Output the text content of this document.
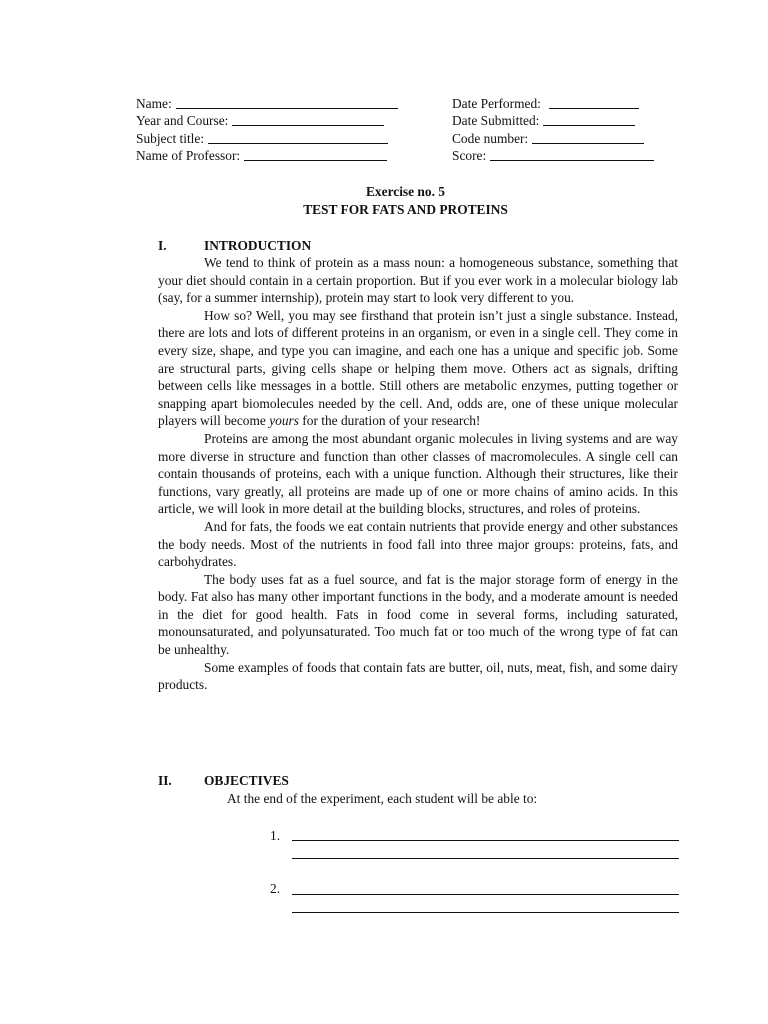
Name:
Year and Course:
Subject title:
Name of Professor:
Date Performed:
Date Submitted:
Code number:
Score:
Exercise no. 5
TEST FOR FATS AND PROTEINS
I.	INTRODUCTION

We tend to think of protein as a mass noun: a homogeneous substance, something that your diet should contain in a certain proportion. But if you ever work in a molecular biology lab (say, for a summer internship), protein may start to look very different to you.

How so? Well, you may see firsthand that protein isn’t just a single substance. Instead, there are lots and lots of different proteins in an organism, or even in a single cell. They come in every size, shape, and type you can imagine, and each one has a unique and specific job. Some are structural parts, giving cells shape or helping them move. Others act as signals, drifting between cells like messages in a bottle. Still others are metabolic enzymes, putting together or snapping apart biomolecules needed by the cell. And, odds are, one of these unique molecular players will become yours for the duration of your research!

Proteins are among the most abundant organic molecules in living systems and are way more diverse in structure and function than other classes of macromolecules. A single cell can contain thousands of proteins, each with a unique function. Although their structures, like their functions, vary greatly, all proteins are made up of one or more chains of amino acids. In this article, we will look in more detail at the building blocks, structures, and roles of proteins.

And for fats, the foods we eat contain nutrients that provide energy and other substances the body needs. Most of the nutrients in food fall into three major groups: proteins, fats, and carbohydrates.

The body uses fat as a fuel source, and fat is the major storage form of energy in the body. Fat also has many other important functions in the body, and a moderate amount is needed in the diet for good health. Fats in food come in several forms, including saturated, monounsaturated, and polyunsaturated. Too much fat or too much of the wrong type of fat can be unhealthy.

Some examples of foods that contain fats are butter, oil, nuts, meat, fish, and some dairy products.

II. OBJECTIVES
At the end of the experiment, each student will be able to:
1.
2.
